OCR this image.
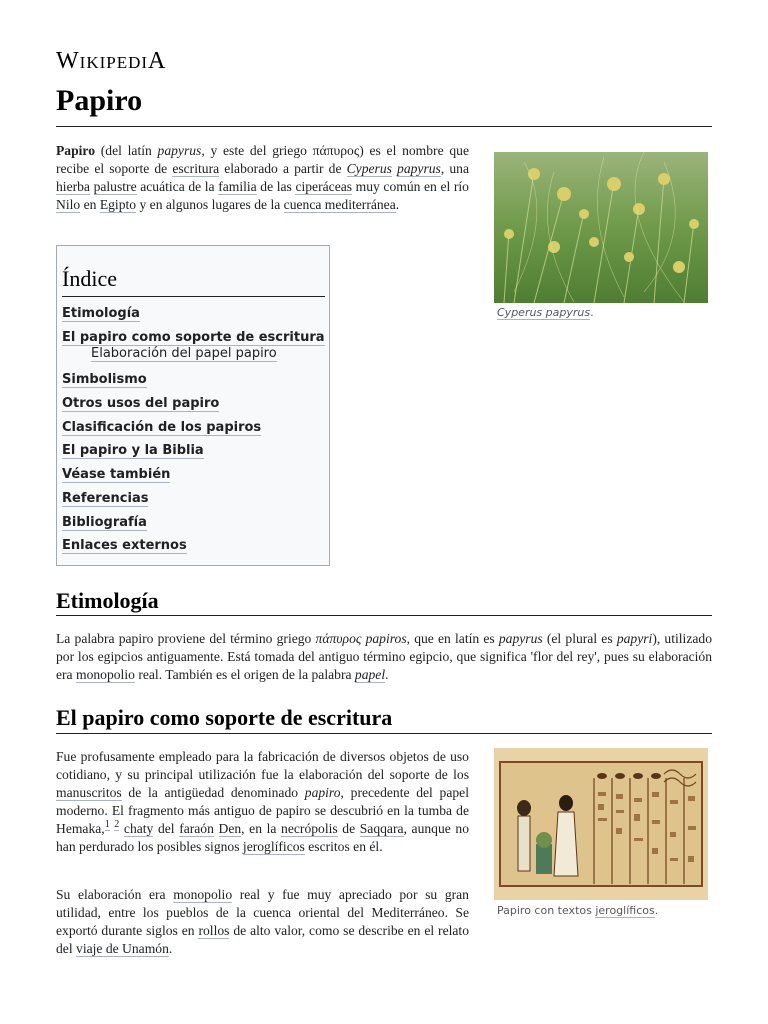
WIKIPEDIA
Papiro

Papiro (del latín papyrus, y este del griego πάπυρος) es el nombre que recibe el soporte de escritura elaborado a partir de Cyperus papyrus, una hierba palustre acuática de la familia de las ciperáceas muy común en el río Nilo en Egipto y en algunos lugares de la cuenca mediterránea.

Cyperus papyrus.
Índice
Etimología
El papiro como soporte de escritura
Elaboración del papel papiro
Simbolismo
Otros usos del papiro
Clasificación de los papiros
El papiro y la Biblia
Véase también
Referencias
Bibliografía
Enlaces externos
Etimología

La palabra papiro proviene del término griego πάπυρος papiros, que en latín es papyrus (el plural es papyri), utilizado por los egipcios antiguamente. Está tomada del antiguo término egipcio, que significa 'flor del rey', pues su elaboración era monopolio real. También es el origen de la palabra papel.

El papiro como soporte de escritura

Fue profusamente empleado para la fabricación de diversos objetos de uso cotidiano, y su principal utilización fue la elaboración del soporte de los manuscritos de la antigüedad denominado papiro, precedente del papel moderno. El fragmento más antiguo de papiro se descubrió en la tumba de Hemaka,$^1$ $^2$ chaty del faraón Den, en la necrópolis de Saqqara, aunque no han perdurado los posibles signos jeroglíficos escritos en él.

Su elaboración era monopolio real y fue muy apreciado por su gran utilidad, entre los pueblos de la cuenca oriental del Mediterráneo. Se exportó durante siglos en rollos de alto valor, como se describe en el relato del viaje de Unamón.

Papiro con textos jeroglíficos.
